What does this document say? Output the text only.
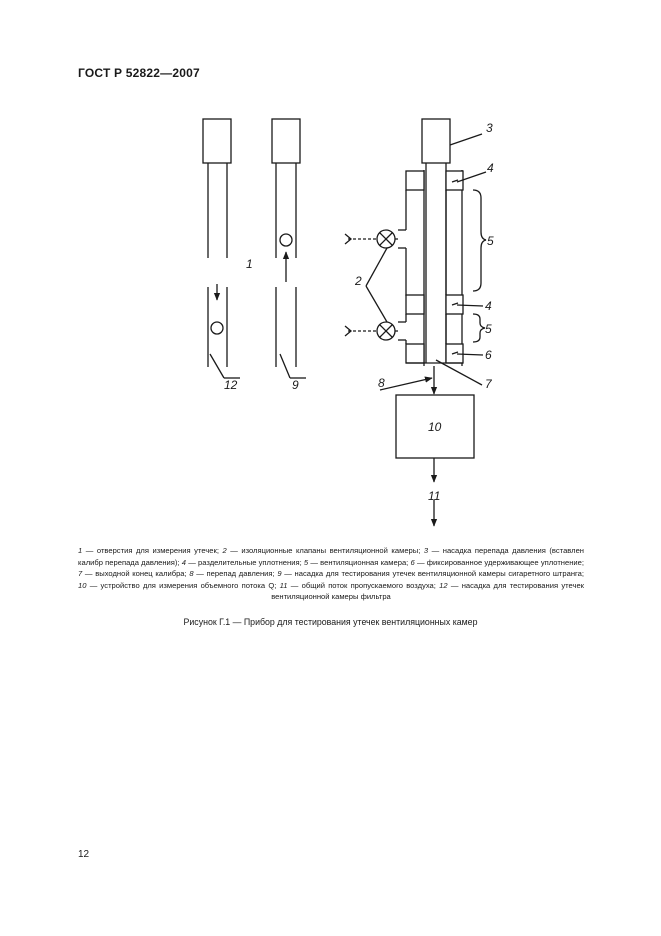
ГОСТ Р 52822—2007
1
12	9
3
4
5
2
4
5
6
8	7
10
11
1 — отверстия для измерения утечек; 2 — изоляционные клапаны вентиляционной камеры; 3 — насадка перепада давления (вставлен калибр перепада давления); 4 — разделительные уплотнения; 5 — вентиляционная камера; 6 — фиксированное удерживающее уплотнение; 7 — выходной конец калибра; 8 — перепад давления; 9 — насадка для тестирования утечек вентиляционной камеры сигаретного штранга; 10 — устройство для измерения объемного потока Q; 11 — общий поток пропускаемого воздуха; 12 — насадка для тестирования утечек вентиляционной камеры фильтра
Рисунок Г.1 — Прибор для тестирования утечек вентиляционных камер
12
